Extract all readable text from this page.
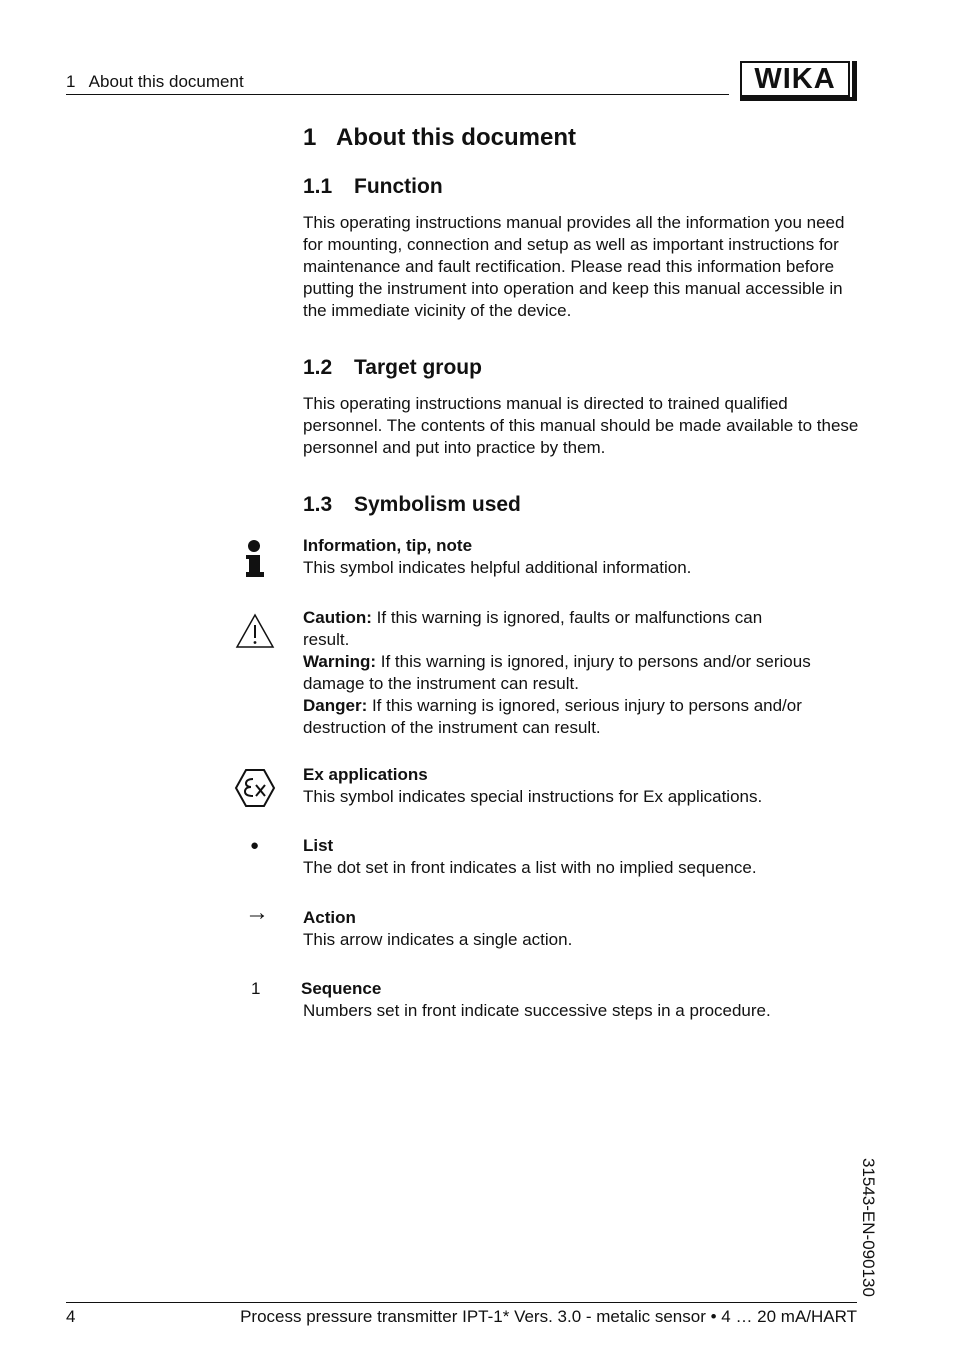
1   About this document	WIKA
1 About this document
1.1 Function
This operating instructions manual provides all the information you need for mounting, connection and setup as well as important instructions for maintenance and fault rectification. Please read this information before putting the instrument into operation and keep this manual accessible in the immediate vicinity of the device.
1.2 Target group
This operating instructions manual is directed to trained qualified personnel. The contents of this manual should be made available to these personnel and put into practice by them.
1.3 Symbolism used
Information, tip, note
This symbol indicates helpful additional information.
Caution: If this warning is ignored, faults or malfunctions can result.
Warning: If this warning is ignored, injury to persons and/or serious damage to the instrument can result.
Danger: If this warning is ignored, serious injury to persons and/or destruction of the instrument can result.
Ex applications
This symbol indicates special instructions for Ex applications.
●	List
The dot set in front indicates a list with no implied sequence.
→ Action
This arrow indicates a single action.
1 Sequence
Numbers set in front indicate successive steps in a procedure.
31543-EN-090130
4	Process pressure transmitter IPT-1* Vers. 3.0 - metalic sensor • 4 … 20 mA/HART
